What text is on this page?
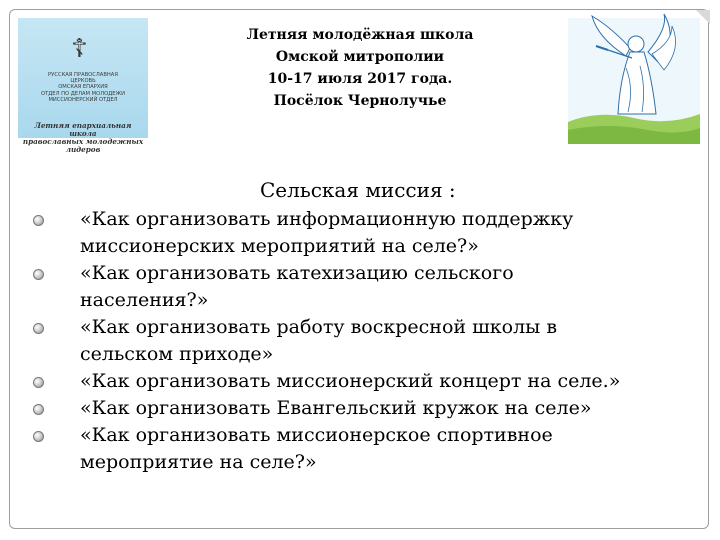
☦
РУССКАЯ ПРАВОСЛАВНАЯ ЦЕРКОВЬ
ОМСКАЯ ЕПАРХИЯ
ОТДЕЛ ПО ДЕЛАМ МОЛОДЕЖИ
МИССИОНЕРСКИЙ ОТДЕЛ
Летняя епархиальная школа
православных молодежных лидеров
Летняя молодёжная школа
Омской митрополии
10-17 июля 2017 года.
Посёлок Чернолучье
Сельская миссия :
«Как организовать информационную поддержку
миссионерских мероприятий на селе?»
«Как организовать катехизацию сельского
населения?»
«Как организовать работу воскресной школы в
сельском приходе»
«Как организовать миссионерский концерт на селе.»
«Как организовать Евангельский кружок на селе»
«Как организовать миссионерское спортивное
мероприятие на селе?»
